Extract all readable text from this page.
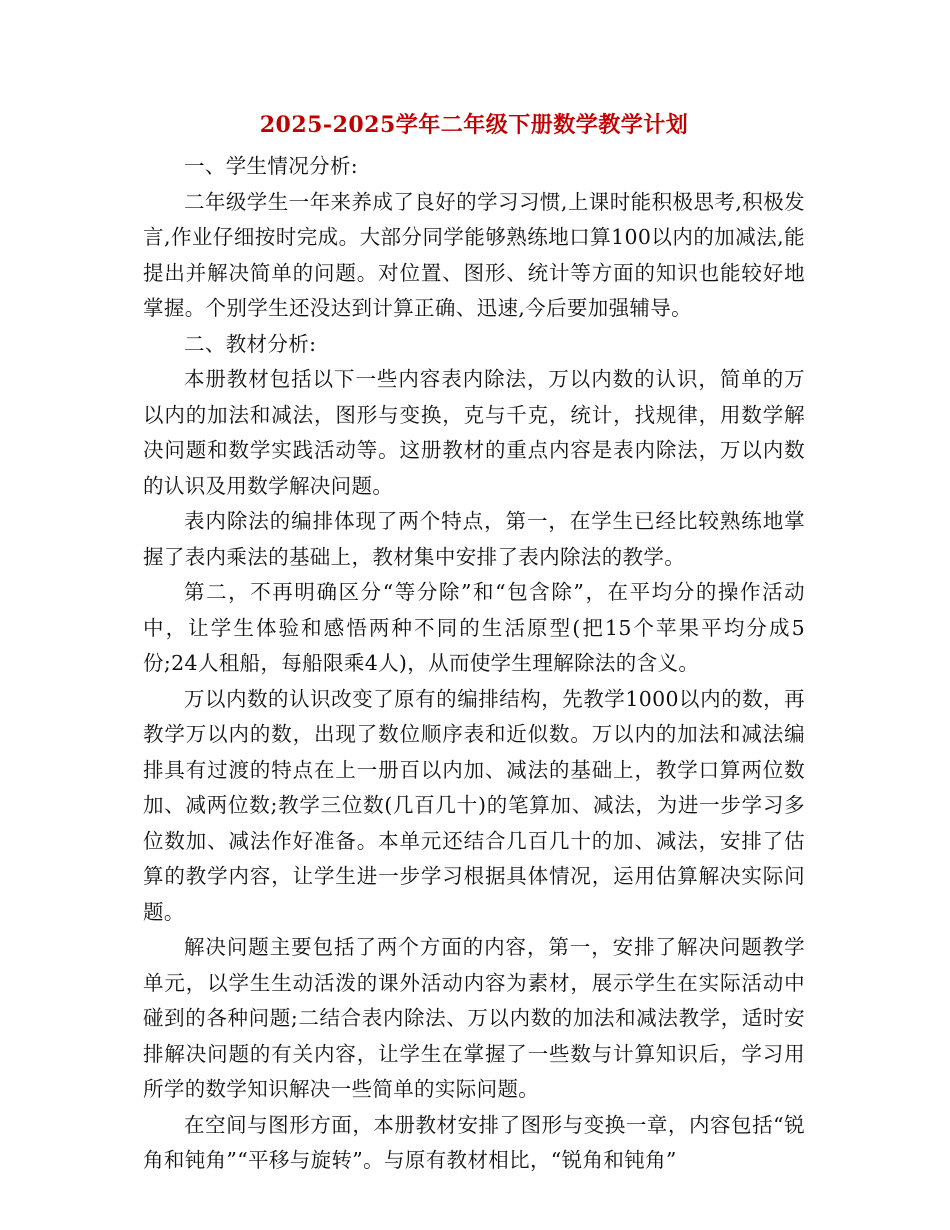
2025-2025学年二年级下册数学教学计划

一、学生情况分析:

二年级学生一年来养成了良好的学习习惯,上课时能积极思考,积极发言,作业仔细按时完成。大部分同学能够熟练地口算100以内的加减法,能提出并解决简单的问题。对位置、图形、统计等方面的知识也能较好地掌握。个别学生还没达到计算正确、迅速,今后要加强辅导。

二、教材分析:

本册教材包括以下一些内容表内除法，万以内数的认识，简单的万以内的加法和减法，图形与变换，克与千克，统计，找规律，用数学解决问题和数学实践活动等。这册教材的重点内容是表内除法，万以内数的认识及用数学解决问题。

表内除法的编排体现了两个特点，第一，在学生已经比较熟练地掌握了表内乘法的基础上，教材集中安排了表内除法的教学。

第二，不再明确区分“等分除”和“包含除”，在平均分的操作活动中，让学生体验和感悟两种不同的生活原型(把15个苹果平均分成5份;24人租船，每船限乘4人)，从而使学生理解除法的含义。

万以内数的认识改变了原有的编排结构，先教学1000以内的数，再教学万以内的数，出现了数位顺序表和近似数。万以内的加法和减法编排具有过渡的特点在上一册百以内加、减法的基础上，教学口算两位数加、减两位数;教学三位数(几百几十)的笔算加、减法，为进一步学习多位数加、减法作好准备。本单元还结合几百几十的加、减法，安排了估算的教学内容，让学生进一步学习根据具体情况，运用估算解决实际问题。

解决问题主要包括了两个方面的内容，第一，安排了解决问题教学单元，以学生生动活泼的课外活动内容为素材，展示学生在实际活动中碰到的各种问题;二结合表内除法、万以内数的加法和减法教学，适时安排解决问题的有关内容，让学生在掌握了一些数与计算知识后，学习用所学的数学知识解决一些简单的实际问题。

在空间与图形方面，本册教材安排了图形与变换一章，内容包括“锐角和钝角”“平移与旋转”。与原有教材相比，“锐角和钝角”
